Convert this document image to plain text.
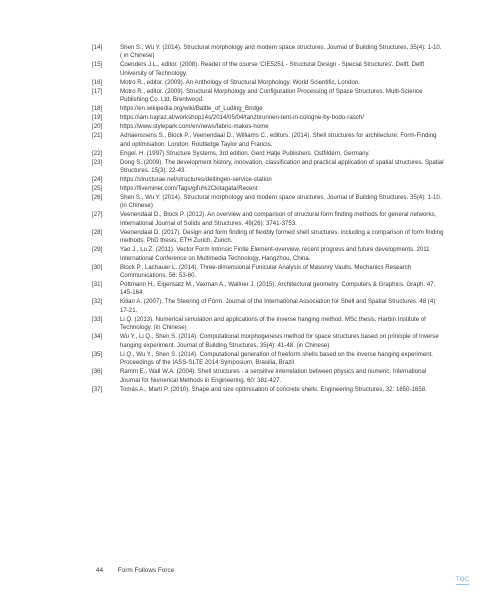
[14]	Shen S., Wu Y. (2014). Structural morphology and modern space structures. Journal of Building Structures, 35(4): 1-10. ( in Chinese)
[15]	Coenders J.L., editor. (2008). Reader of the course 'CIE5251 - Structural Design - Special Structures'. Delft: Delft University of Technology.
[16]	Motro R., editor. (2009). An Anthology of Structural Morphology. World Scientific, London.
[17]	Motro R., editor. (2009). Structural Morphology and Configuration Processing of Space Structures. Multi-Science Publishing Co. Ltd, Brentwood.
[18]	https://en.wikipedia.org/wiki/Battle_of_Ludlng_Bridge
[19]	https://iam.tugraz.at/workshop14s/2014/05/04/tanzbrunnen-tent-in-cologne-by-bodo-rasch/
[20]	https://www.stylepark.com/en/news/fabric-makes-home
[21]	Adriaenssens S., Block P., Veenendaal D., Williams C., editors. (2014). Shell structures for architecture: Form-Finding and optimisation. London: Routledge Taylor and Francis.
[22]	Engel. H. (1997) Structure Systems, 3rd edition. Gerd Hatje Publishers. Ostfildern, Germany.
[23]	Dong S. (2009). The development history, innovation, classification and practical application of spatial structures. Spatial Structures. 15(3): 22-43.
[24]	https://structurae.net/structures/deitingen-service-station
[25]	https://fiveminer.com/Tags/gifu%2Ckitagata/Recent
[26]	Shen S., Wu Y. (2014). Structural morphology and modern space structures. Journal of Building Structures. 35(4): 1-10. (in Chinese)
[27]	Veenendaal D., Block P. (2012). An overview and comparison of structural form finding methods for general networks, International Journal of Solids and Structures. 49(26): 3741-3753.
[28]	Veenendaal D. (2017). Design and form finding of flexibly formed shell structures. including a comparison of form finding methods. PhD thesis, ETH Zurich, Zurich.
[29]	Yao J., Lu Z. (2011). Vector Form Intrinsic Finite Element-overview, recent progress and future developments. 2011 International Conference on Multimedia Technology, Hangzhou, China.
[30]	Block P., Lachauer L. (2014). Three-dimensional Funicular Analysis of Masonry Vaults. Mechanics Research Communications, 56: 53-60.
[31]	Pottmann H., Eigensatz M., Vaxman A., Wallner J. (2015). Architectural geometry. Computers & Graphics. Graph. 47: 145-164.
[32]	Kilian A. (2007). The Steering of Form. Journal of the International Association for Shell and Spatial Structures. 48 (4): 17-21.
[33]	Li Q. (2013). Numerical simulation and applications of the inverse hanging method. MSc thesis, Harbin Institute of Technology. (in Chinese)
[34]	Wu Y., Li Q., Shen S. (2014). Computational morphogenesis method for space structures based on principle of inverse hanging experiment. Journal of Building Structures, 35(4): 41-48. (in Chinese)
[35]	Li Q., Wu Y., Shen S. (2014). Computational generation of freeform shells based on the inverse hanging experiment. Proceedings of the IASS-SLTE 2014 Symposium, Brasilia, Brazil
[36]	Ramm E., Wall W.A. (2004). Shell structures - a sensitive interrelation between physics and numeric. International Journal for Numerical Methods in Engineering, 60: 381-427.
[37]	Tomás A., Martí P. (2010). Shape and size optimisation of concrete shells. Engineering Structures, 32: 1650-1658.
44 Form Follows Force
TOC
